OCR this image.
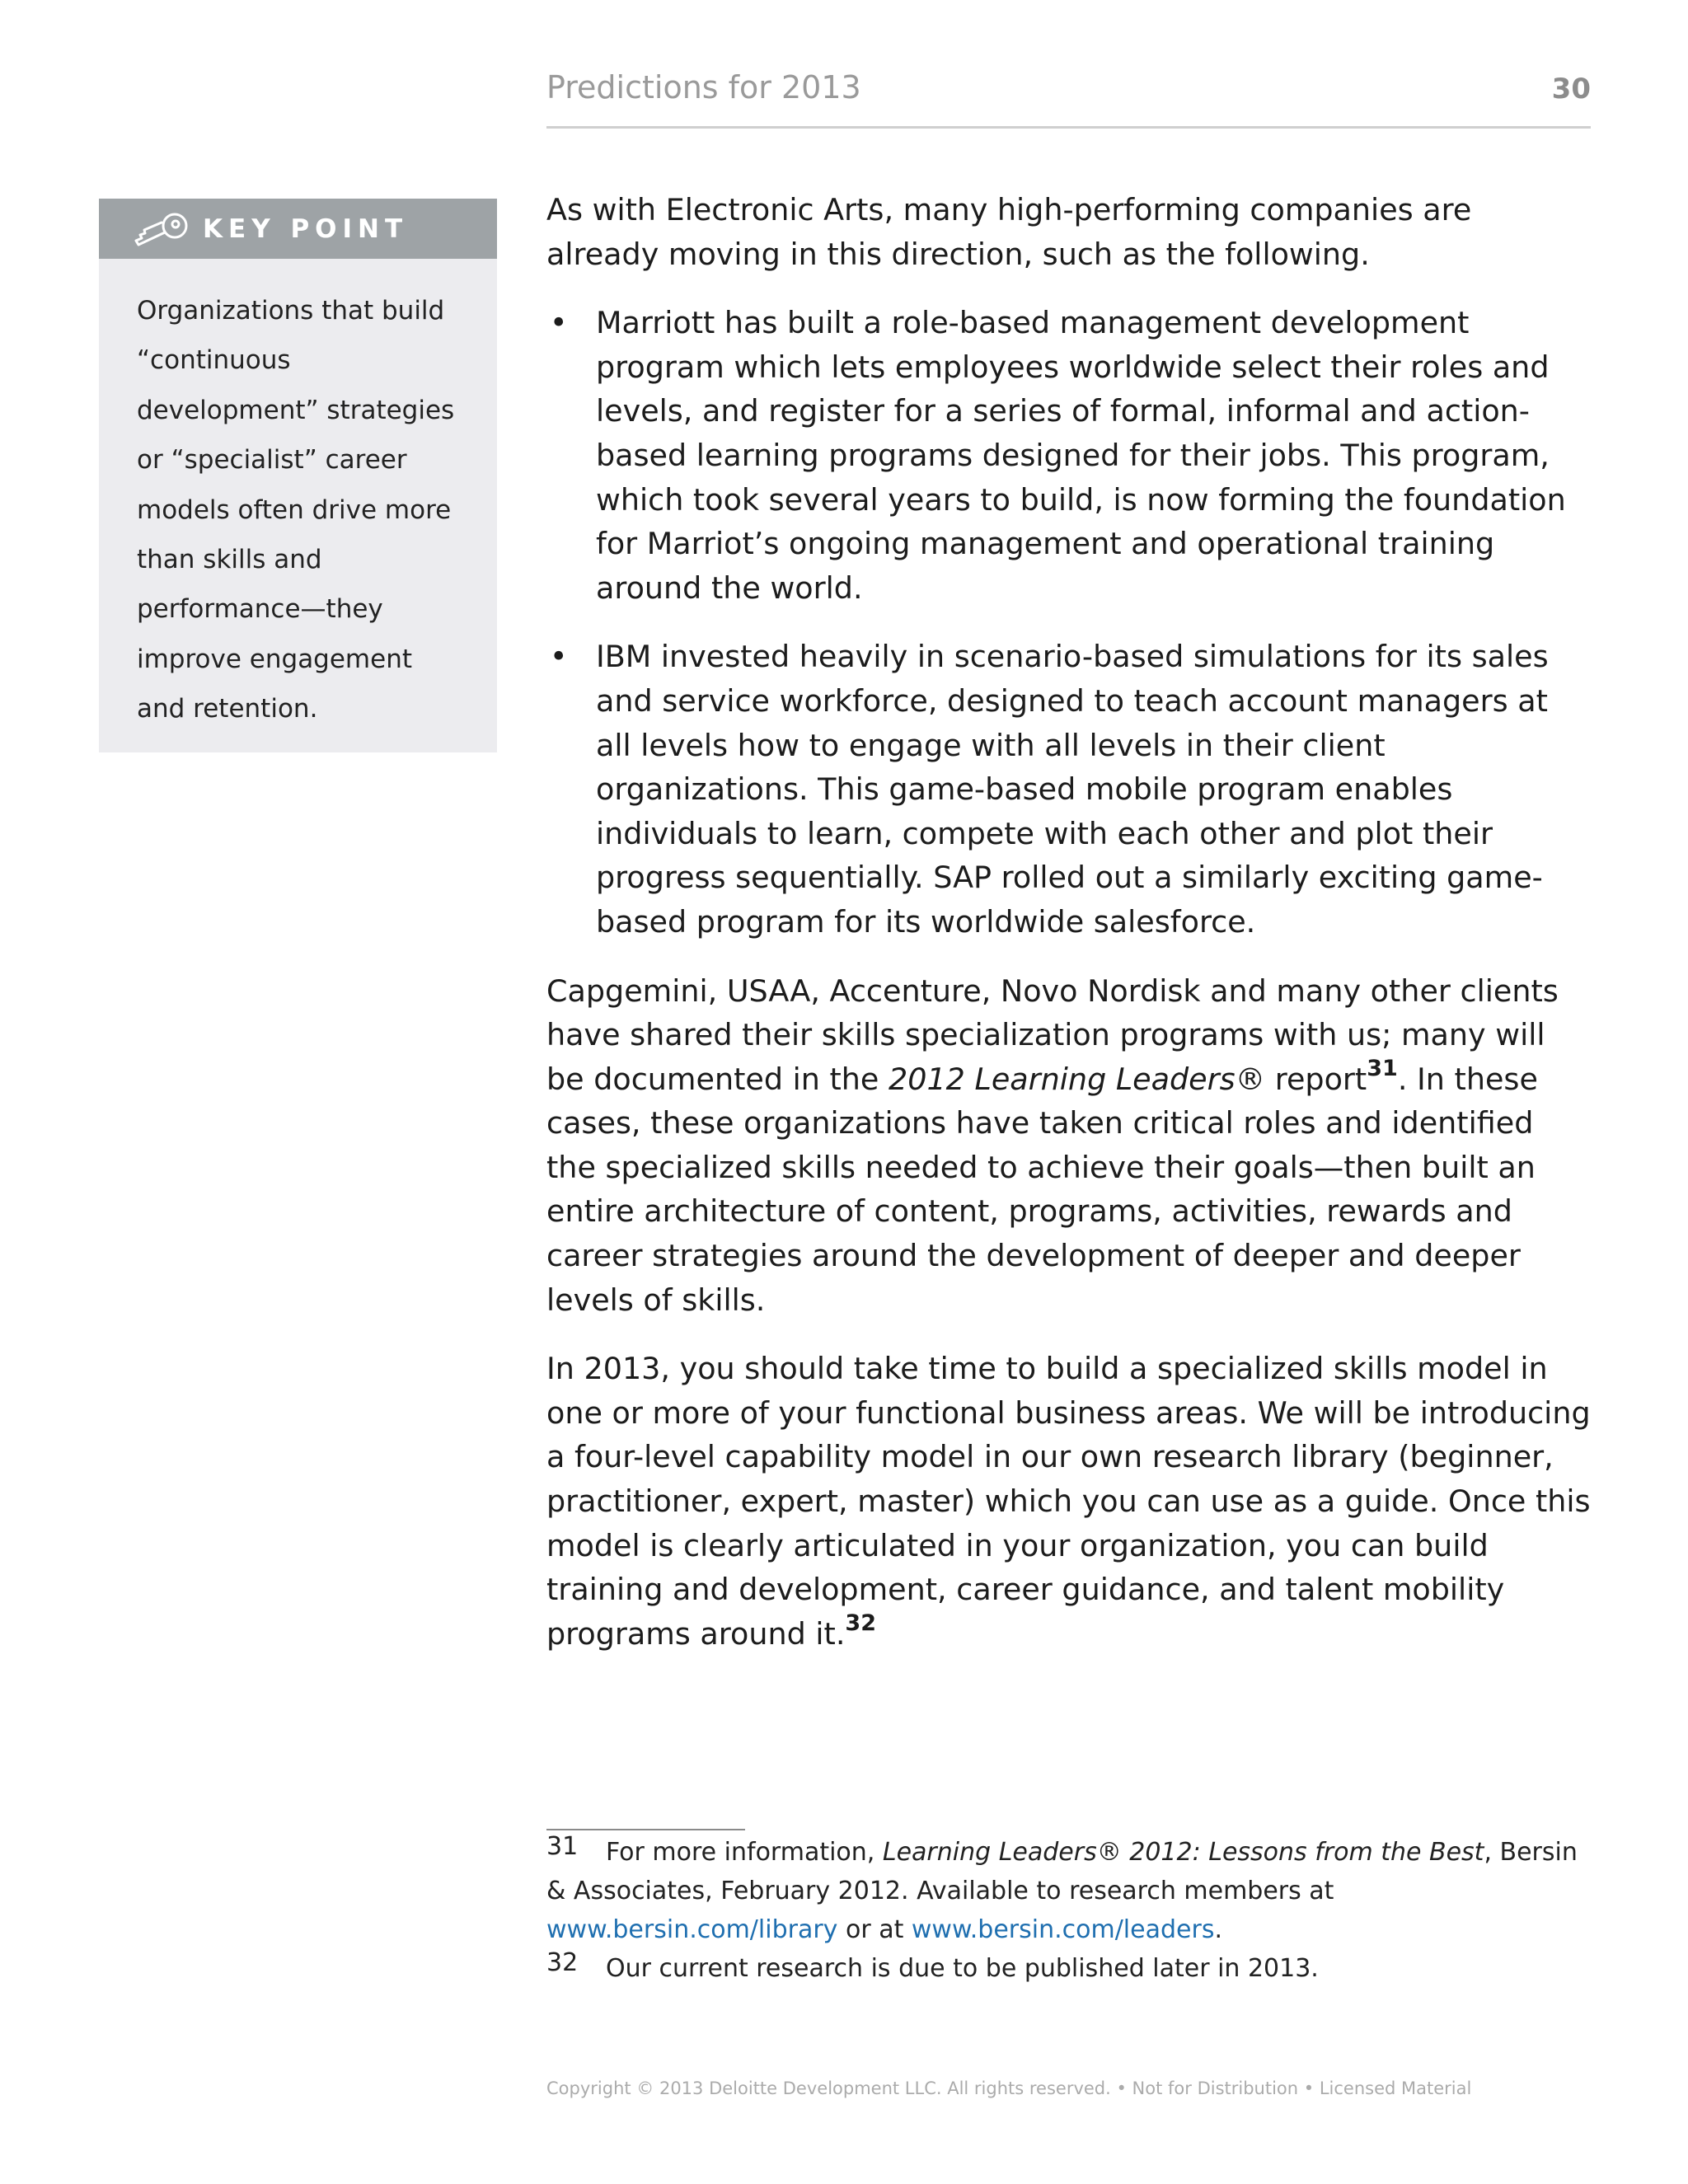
Predictions for 2013	30
KEY POINT

Organizations that build “continuous development” strategies or “specialist” career models often drive more than skills and performance—they improve engagement and retention.

As with Electronic Arts, many high-performing companies are already moving in this direction, such as the following.

• Marriott has built a role-based management development program which lets employees worldwide select their roles and levels, and register for a series of formal, informal and action-based learning programs designed for their jobs. This program, which took several years to build, is now forming the foundation for Marriot’s ongoing management and operational training around the world.
• IBM invested heavily in scenario-based simulations for its sales and service workforce, designed to teach account managers at all levels how to engage with all levels in their client organizations. This game-based mobile program enables individuals to learn, compete with each other and plot their progress sequentially. SAP rolled out a similarly exciting game-based program for its worldwide salesforce.

Capgemini, USAA, Accenture, Novo Nordisk and many other clients have shared their skills specialization programs with us; many will be documented in the 2012 Learning Leaders® report$^{31}$. In these cases, these organizations have taken critical roles and identified the specialized skills needed to achieve their goals—then built an entire architecture of content, programs, activities, rewards and career strategies around the development of deeper and deeper levels of skills.

In 2013, you should take time to build a specialized skills model in one or more of your functional business areas. We will be introducing a four-level capability model in our own research library (beginner, practitioner, expert, master) which you can use as a guide. Once this model is clearly articulated in your organization, you can build training and development, career guidance, and talent mobility programs around it.$^{32}$

31 For more information, Learning Leaders® 2012: Lessons from the Best, Bersin & Associates, February 2012. Available to research members at www.bersin.com/library or at www.bersin.com/leaders.
32 Our current research is due to be published later in 2013.
Copyright © 2013 Deloitte Development LLC. All rights reserved. • Not for Distribution • Licensed Material
